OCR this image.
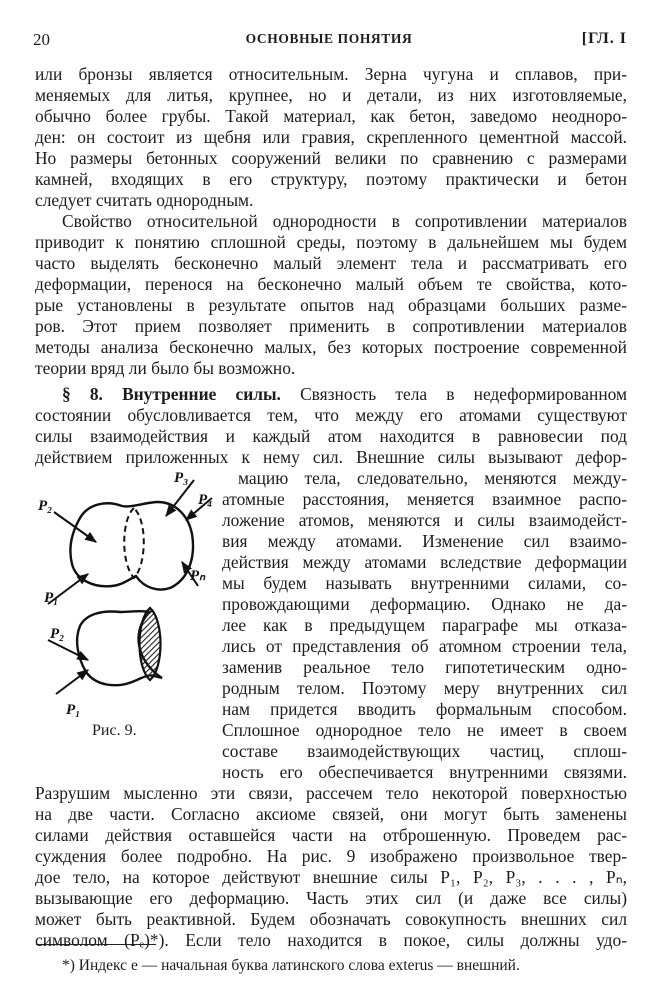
20	ОСНОВНЫЕ ПОНЯТИЯ	[ГЛ. I
или бронзы является относительным. Зерна чугуна и сплавов, при-
меняемых для литья, крупнее, но и детали, из них изготовляемые,
обычно более грубы. Такой материал, как бетон, заведомо неоднoрo-
ден: он состоит из щебня или гравия, скрепленного цементной массой.
Но размеры бетонных сооружений велики по сравнению с размерами
камней, входящих в его структуру, поэтому практически и бетон
следует считать однородным.
Свойство относительной однородности в сопротивлении материалов
приводит к понятию сплошной среды, поэтому в дальнейшем мы будем
часто выделять бесконечно малый элемент тела и рассматривать его
деформации, перенося на бесконечно малый объем те свойства, кото-
рые установлены в результате опытов над образцами больших разме-
ров. Этот прием позволяет применить в сопротивлении материалов
методы анализа бесконечно малых, без которых построение современной
теории вряд ли было бы возможно.
§ 8. Внутренние силы. Связность тела в недеформированном
состоянии обусловливается тем, что между его атомами существуют
силы взаимодействия и каждый атом находится в равновесии под
действием приложенных к нему сил. Внешние силы вызывают дефор-
мацию тела, следовательно, меняются междy-
атомные расстояния, меняется взаимное распо-
ложение атомов, меняются и силы взаимодейст-
вия между атомами. Изменение сил взаимо-
действия между атомами вследствие деформации
мы будем называть внутренними силами, со-
провождающими деформацию. Однако не да-
лее как в предыдущем параграфе мы отказа-
лись от представления об атомном строении тела,
заменив реальное тело гипотетическим одно-
родным телом. Поэтому меру внутренних сил
нам придется вводить формальным способом.
Сплошное однородное тело не имеет в своем
составе взаимодействующих частиц, сплош-
ность его обеспечивается внутренними связями.
Разрушим мысленно эти связи, рассечем тело некоторой поверхностью
на две части. Согласно аксиоме связей, они могут быть заменены
силами действия оставшейся части на отброшенную. Проведем рас-
суждения более подробно. На рис. 9 изображено произвольное твер-
дое тело, на которое действуют внешние силы P₁, P₂, P₃, . . . , Pₙ,
вызывающие его деформацию. Часть этих сил (и даже все силы)
может быть реактивной. Будем обозначать совокупность внешних сил
символом (Pₑ)*). Если тело находится в покое, силы должны удо-
P₂
P₃
P₄
Pₙ
P₁
P₂
P₁
Рис. 9.
*) Индекс e — начальная буква латинского слова exterus — внешний.
